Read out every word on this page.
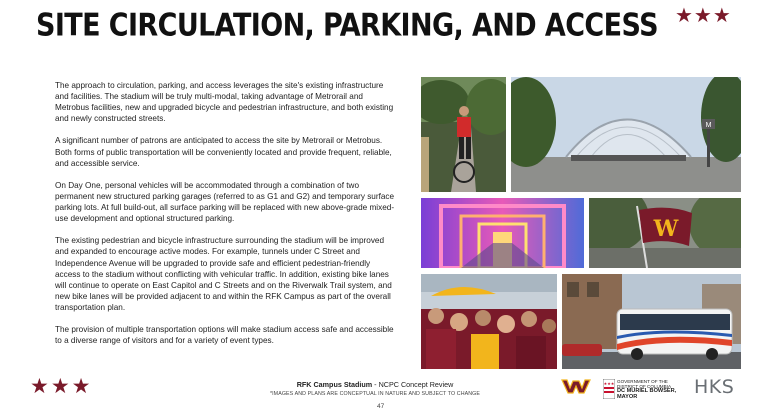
SITE CIRCULATION, PARKING, AND ACCESS ★★★

The approach to circulation, parking, and access leverages the site's existing infrastructure and facilities. The stadium will be truly multi-modal, taking advantage of Metrorail and Metrobus facilities, new and upgraded bicycle and pedestrian infrastructure, and both existing and newly constructed streets.

A significant number of patrons are anticipated to access the site by Metrorail or Metrobus. Both forms of public transportation will be conveniently located and provide frequent, reliable, and accessible service.

On Day One, personal vehicles will be accommodated through a combination of two permanent new structured parking garages (referred to as G1 and G2) and temporary surface parking lots. At full build-out, all surface parking will be replaced with new above-grade mixed-use development and optional structured parking.

The existing pedestrian and bicycle infrastructure surrounding the stadium will be improved and expanded to encourage active modes. For example, tunnels under C Street and Independence Avenue will be upgraded to provide safe and efficient pedestrian-friendly access to the stadium without conflicting with vehicular traffic. In addition, existing bike lanes will continue to operate on East Capitol and C Streets and on the Riverwalk Trail system, and new bike lanes will be provided adjacent to and within the RFK Campus as part of the overall transportation plan.

The provision of multiple transportation options will make stadium access safe and accessible to a diverse range of visitors and for a variety of event types.

M
W
★★★	RFK Campus Stadium - NCPC Concept Review
*IMAGES AND PLANS ARE CONCEPTUAL IN NATURE AND SUBJECT TO CHANGE
47
★★★ GOVERNMENT OF THE
DISTRICT OF COLUMBIA
DC MURIEL BOWSER, MAYOR	HKS
